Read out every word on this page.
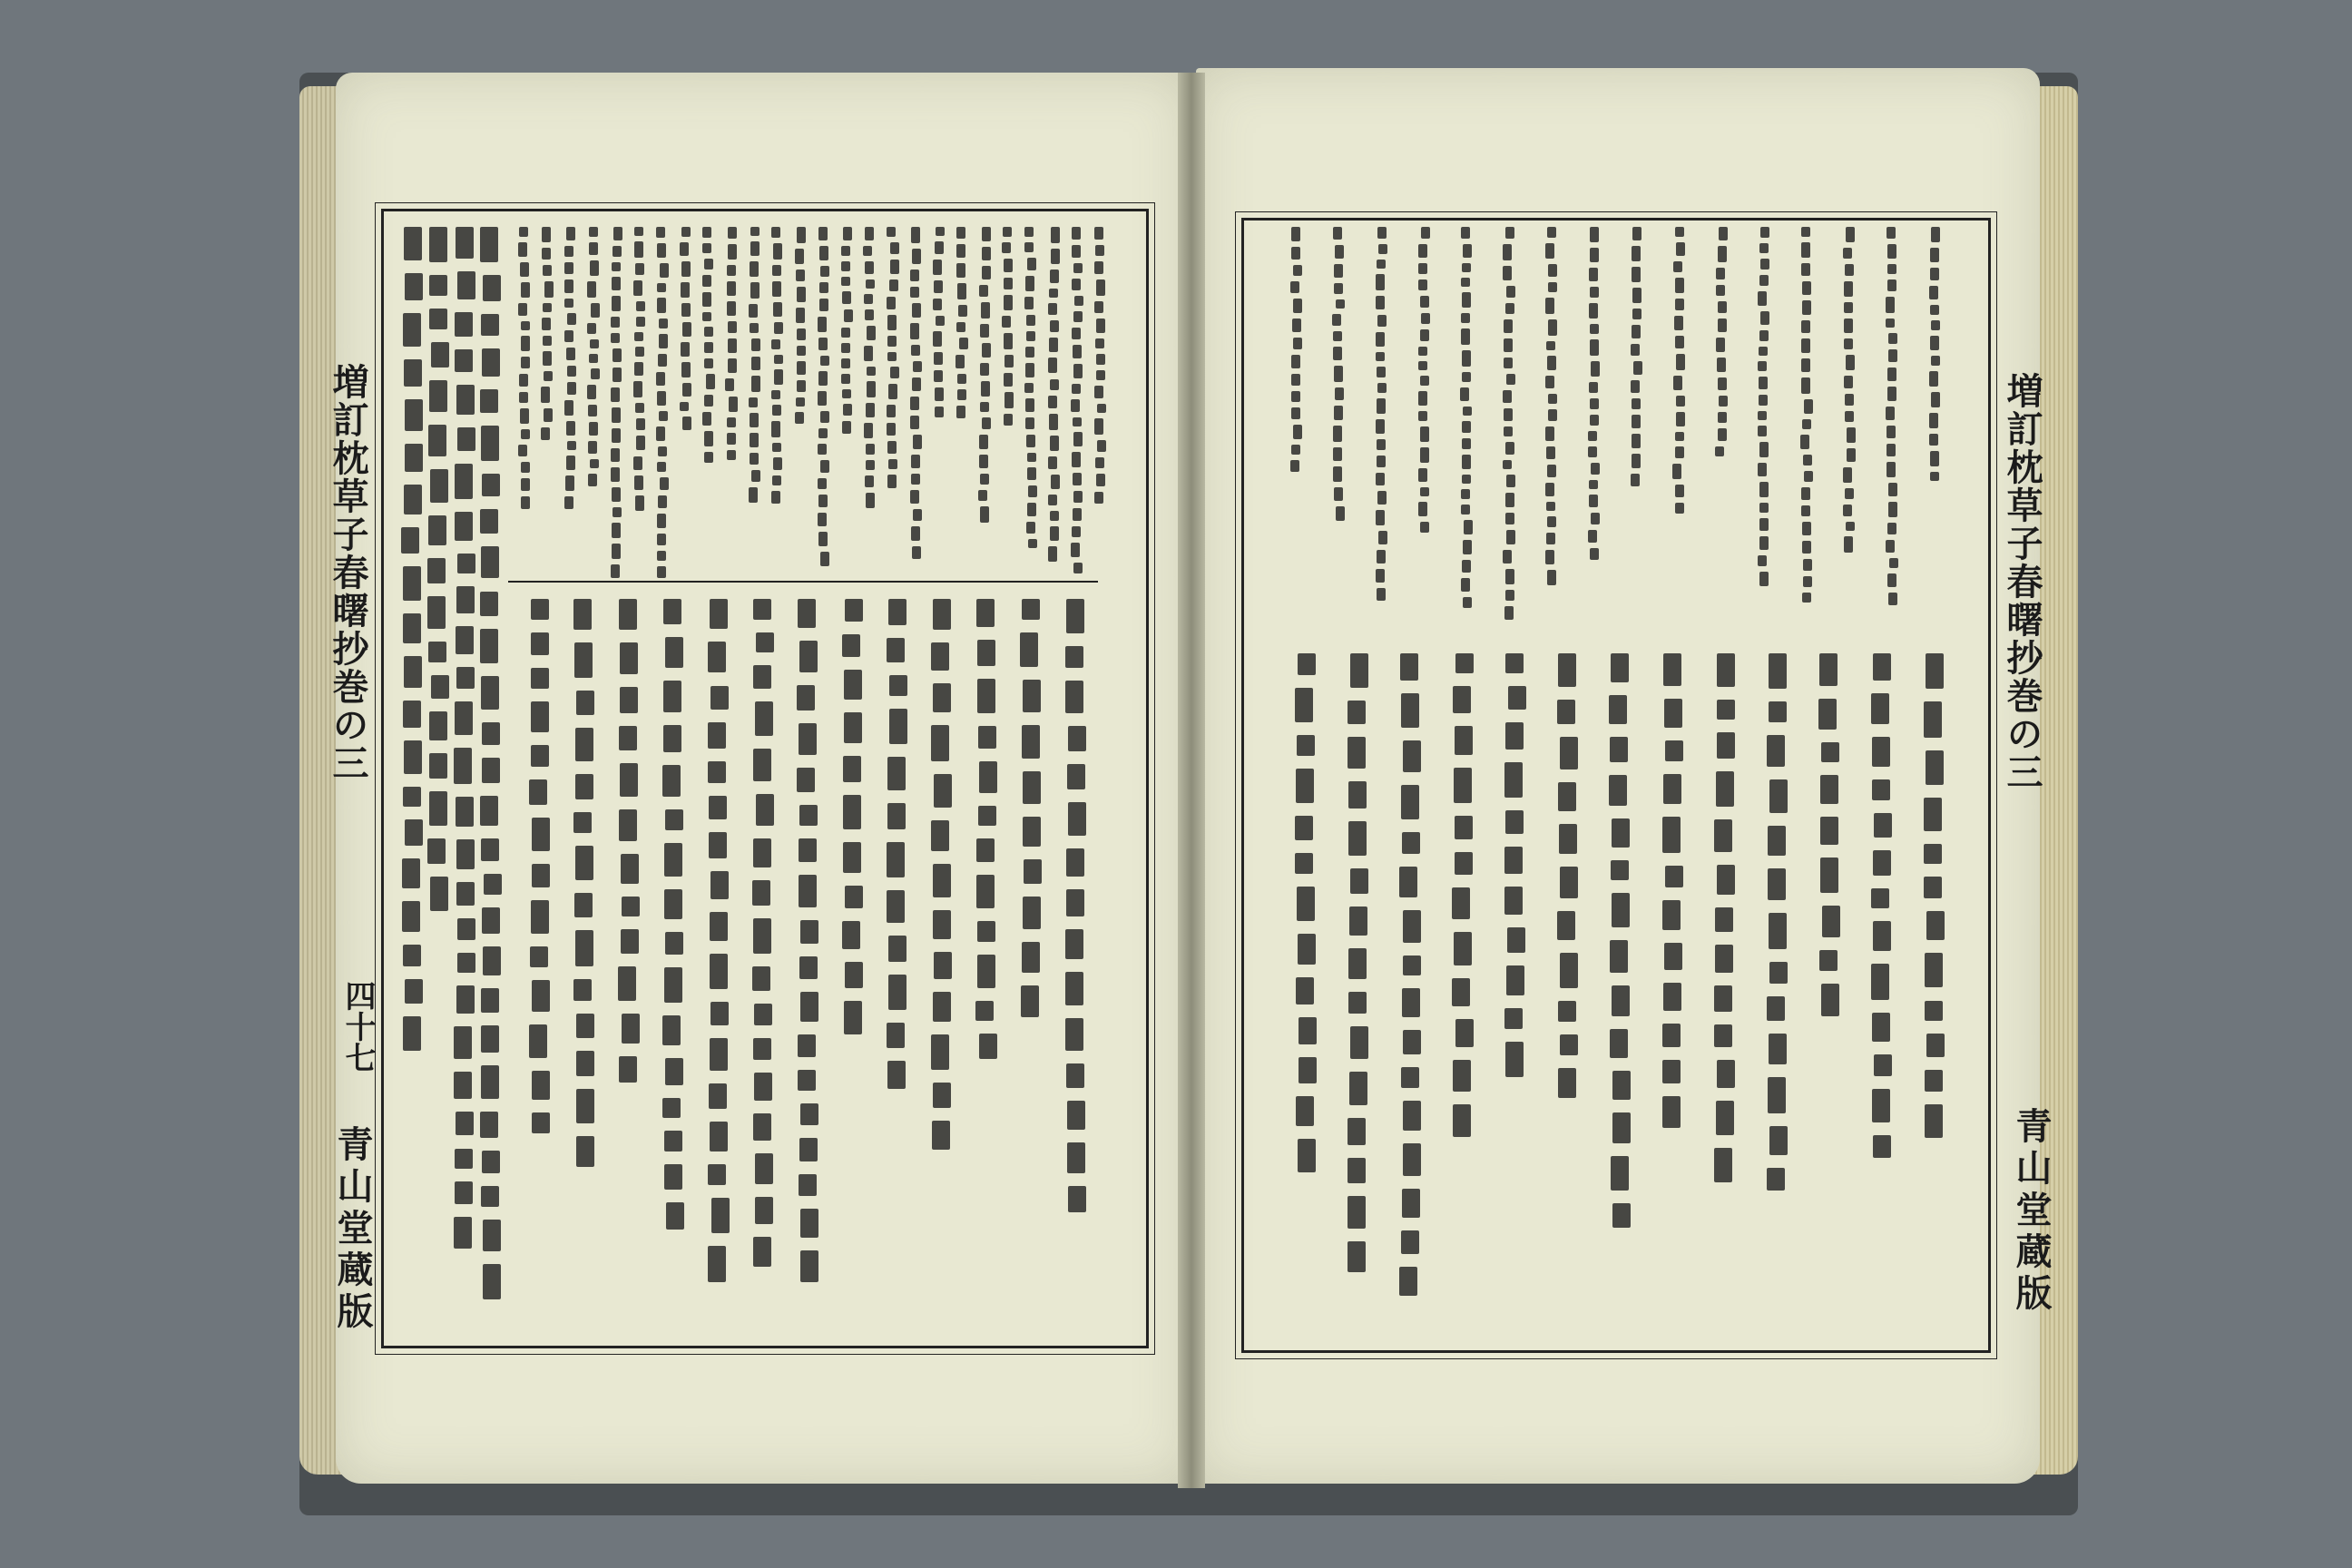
増訂枕草子春曙抄巻の三
四十七
青山堂蔵版
増訂枕草子春曙抄巻の三
青山堂蔵版
